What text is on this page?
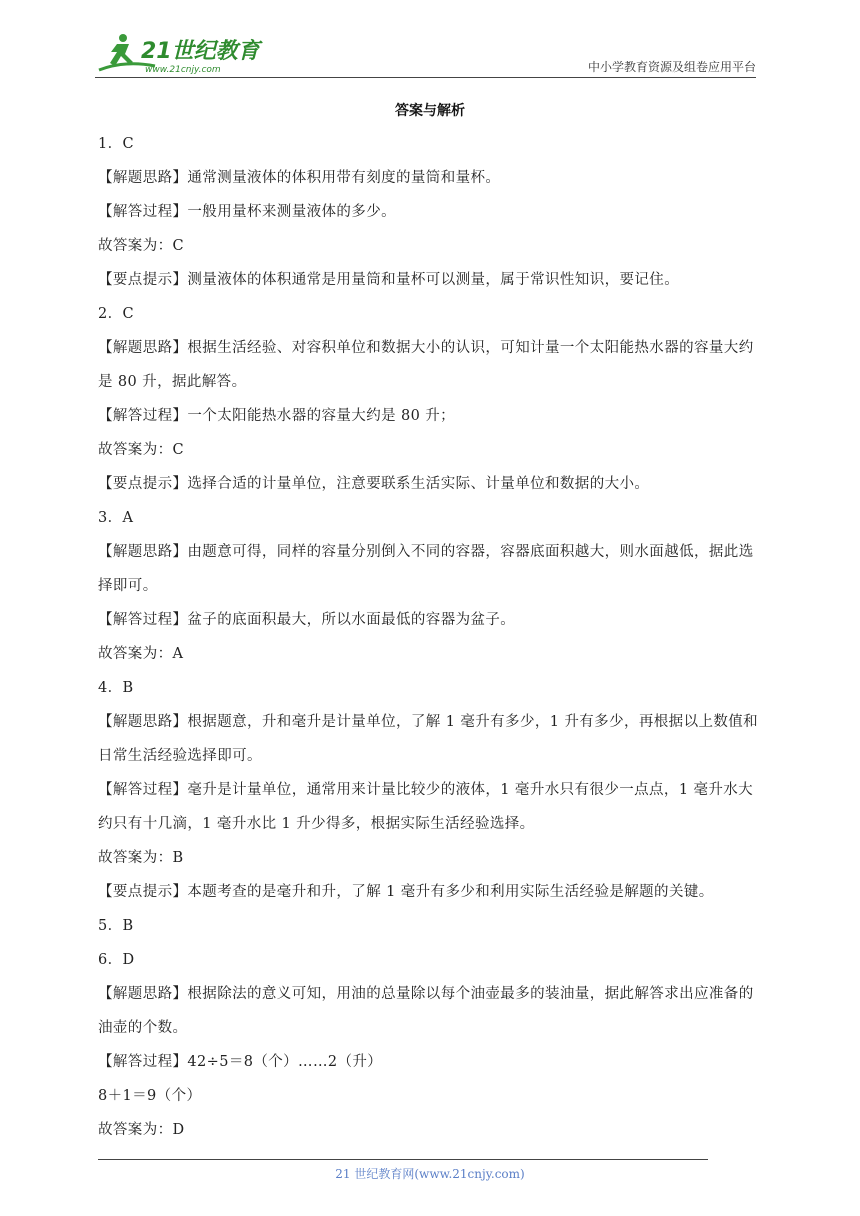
21世纪教育
www.21cnjy.com	中小学教育资源及组卷应用平台
答案与解析
1．C
【解题思路】通常测量液体的体积用带有刻度的量筒和量杯。
【解答过程】一般用量杯来测量液体的多少。
故答案为：C
【要点提示】测量液体的体积通常是用量筒和量杯可以测量，属于常识性知识，要记住。
2．C
【解题思路】根据生活经验、对容积单位和数据大小的认识，可知计量一个太阳能热水器的容量大约
是 80 升，据此解答。
【解答过程】一个太阳能热水器的容量大约是 80 升；
故答案为：C
【要点提示】选择合适的计量单位，注意要联系生活实际、计量单位和数据的大小。
3．A
【解题思路】由题意可得，同样的容量分别倒入不同的容器，容器底面积越大，则水面越低，据此选
择即可。
【解答过程】盆子的底面积最大，所以水面最低的容器为盆子。
故答案为：A
4．B
【解题思路】根据题意，升和毫升是计量单位，了解 1 毫升有多少，1 升有多少，再根据以上数值和
日常生活经验选择即可。
【解答过程】毫升是计量单位，通常用来计量比较少的液体，1 毫升水只有很少一点点，1 毫升水大
约只有十几滴，1 毫升水比 1 升少得多，根据实际生活经验选择。
故答案为：B
【要点提示】本题考查的是毫升和升，了解 1 毫升有多少和利用实际生活经验是解题的关键。
5．B
6．D
【解题思路】根据除法的意义可知，用油的总量除以每个油壶最多的装油量，据此解答求出应准备的
油壶的个数。
【解答过程】42÷5＝8（个）……2（升）
8＋1＝9（个）
故答案为：D
21 世纪教育网(www.21cnjy.com)
